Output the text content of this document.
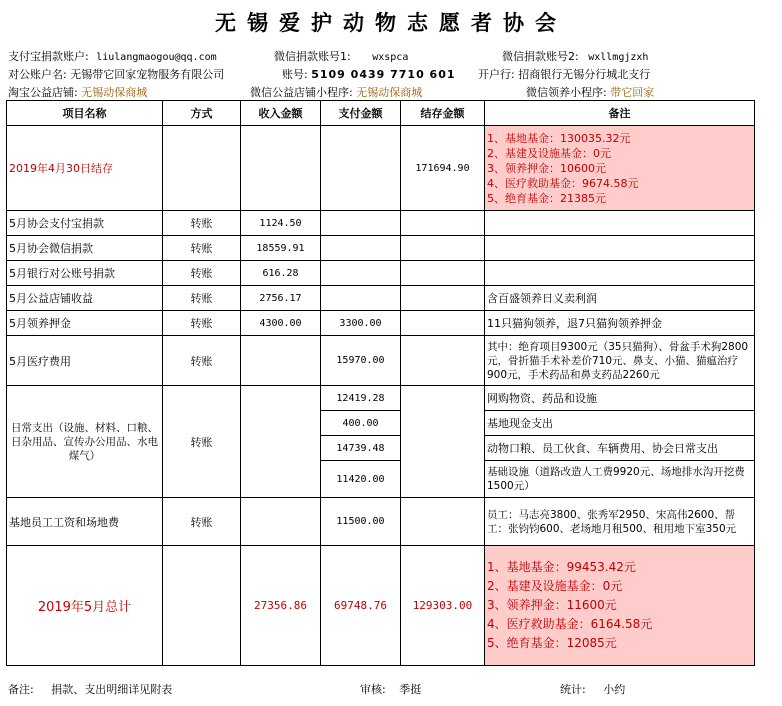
无锡爱护动物志愿者协会
支付宝捐款账户: liulangmaogou@qq.com	微信捐款账号1: wxspca	微信捐款账号2: wxllmgjzxh
对公账户名: 无锡带它回家宠物服务有限公司	账号: 5109 0439 7710 601 开户行: 招商银行无锡分行城北支行
淘宝公益店铺: 无锡动保商城	微信公益店铺小程序: 无锡动保商城	微信领养小程序: 带它回家
项目名称	方式	收入金额	支付金额	结存金额	备注
2019年4月30日结存				171694.90	1、基地基金：130035.32元
2、基建及设施基金：0元
3、领养押金：10600元
4、医疗救助基金：9674.58元
5、绝育基金：21385元

5月协会支付宝捐款	转账	1124.50			
5月协会微信捐款	转账	18559.91			
5月银行对公账号捐款	转账	616.28			
5月公益店铺收益	转账	2756.17			含百盛领养日义卖利润
5月领养押金	转账	4300.00	3300.00		11只猫狗领养，退7只猫狗领养押金
5月医疗费用	转账		15970.00		其中：绝育项目9300元（35只猫狗）、骨盆手术狗2800元，骨折猫手术补差价710元、鼻支、小猫、猫瘟治疗900元，手术药品和鼻支药品2260元
日常支出（设施、材料、口粮、日杂用品、宣传办公用品、水电煤气）	转账		12419.28		网购物资、药品和设施
			400.00		基地现金支出
			14739.48		动物口粮、员工伙食、车辆费用、协会日常支出
			11420.00		基础设施（道路改造人工费9920元、场地排水沟开挖费1500元）
基地员工工资和场地费	转账		11500.00		员工：马志亮3800、张秀军2950、宋高伟2600、帮工：张钧钧600、老场地月租500、租用地下室350元
2019年5月总计		27356.86	69748.76	129303.00	1、基地基金：99453.42元
2、基建及设施基金：0元
3、领养押金：11600元
4、医疗救助基金：6164.58元
5、绝育基金：12085元
备注: 捐款、支出明细详见附表	审核: 季挺	统计: 小约
